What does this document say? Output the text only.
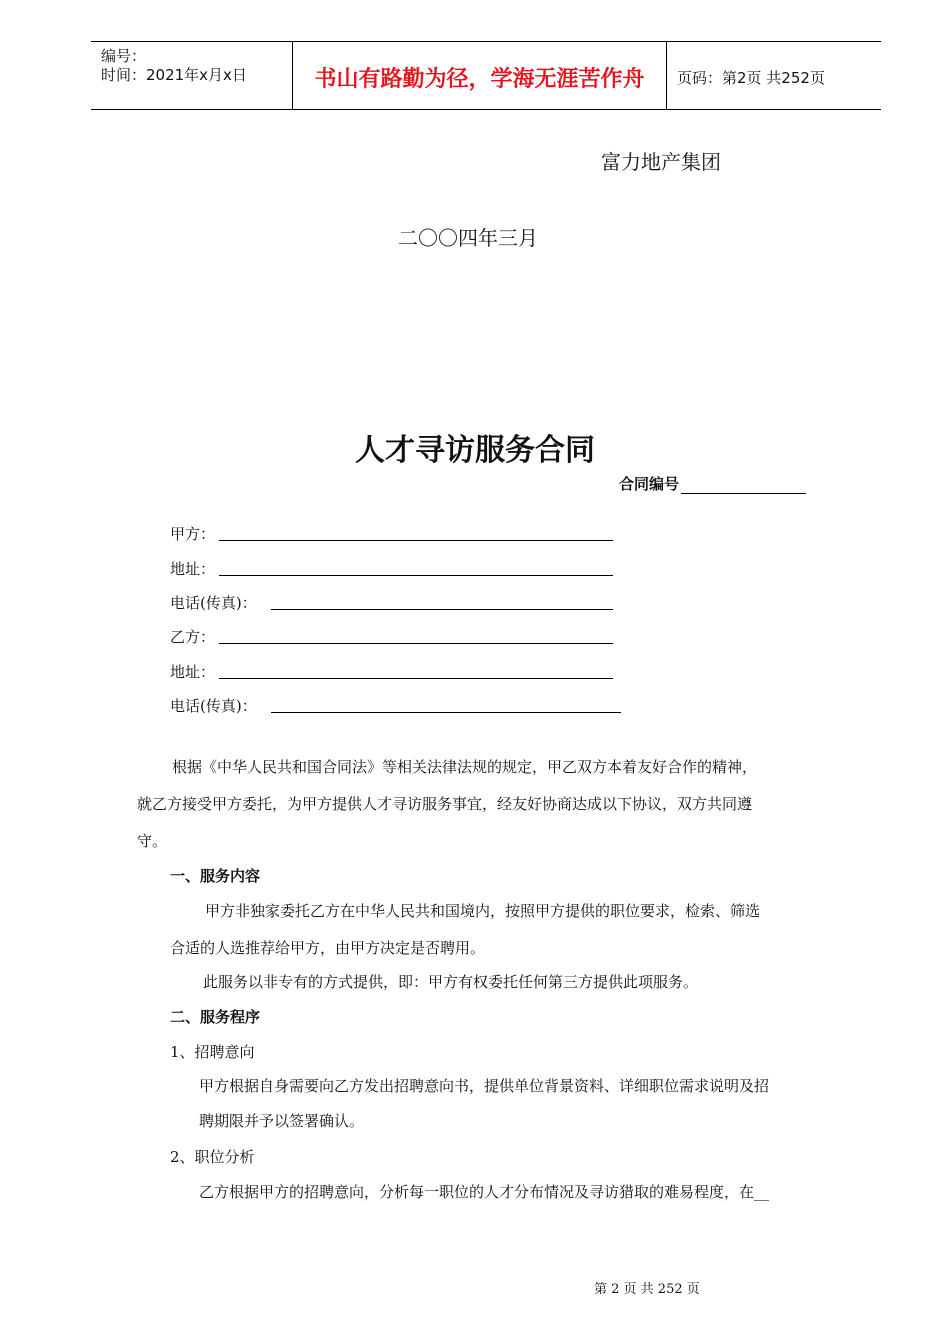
编号：
时间：2021年x月x日	书山有路勤为径，学海无涯苦作舟	页码：第2页 共252页
富力地产集团
二〇〇四年三月
人才寻访服务合同
合同编号
甲方：
地址：
电话(传真)：
乙方：
地址：
电话(传真)：
根据《中华人民共和国合同法》等相关法律法规的规定，甲乙双方本着友好合作的精神，
就乙方接受甲方委托，为甲方提供人才寻访服务事宜，经友好协商达成以下协议，双方共同遵
守。
一、服务内容
甲方非独家委托乙方在中华人民共和国境内，按照甲方提供的职位要求，检索、筛选
合适的人选推荐给甲方，由甲方决定是否聘用。
此服务以非专有的方式提供，即：甲方有权委托任何第三方提供此项服务。
二、服务程序
1、招聘意向
甲方根据自身需要向乙方发出招聘意向书，提供单位背景资料、详细职位需求说明及招
聘期限并予以签署确认。
2、职位分析
乙方根据甲方的招聘意向，分析每一职位的人才分布情况及寻访猎取的难易程度，在__
第 2 页 共 252 页
